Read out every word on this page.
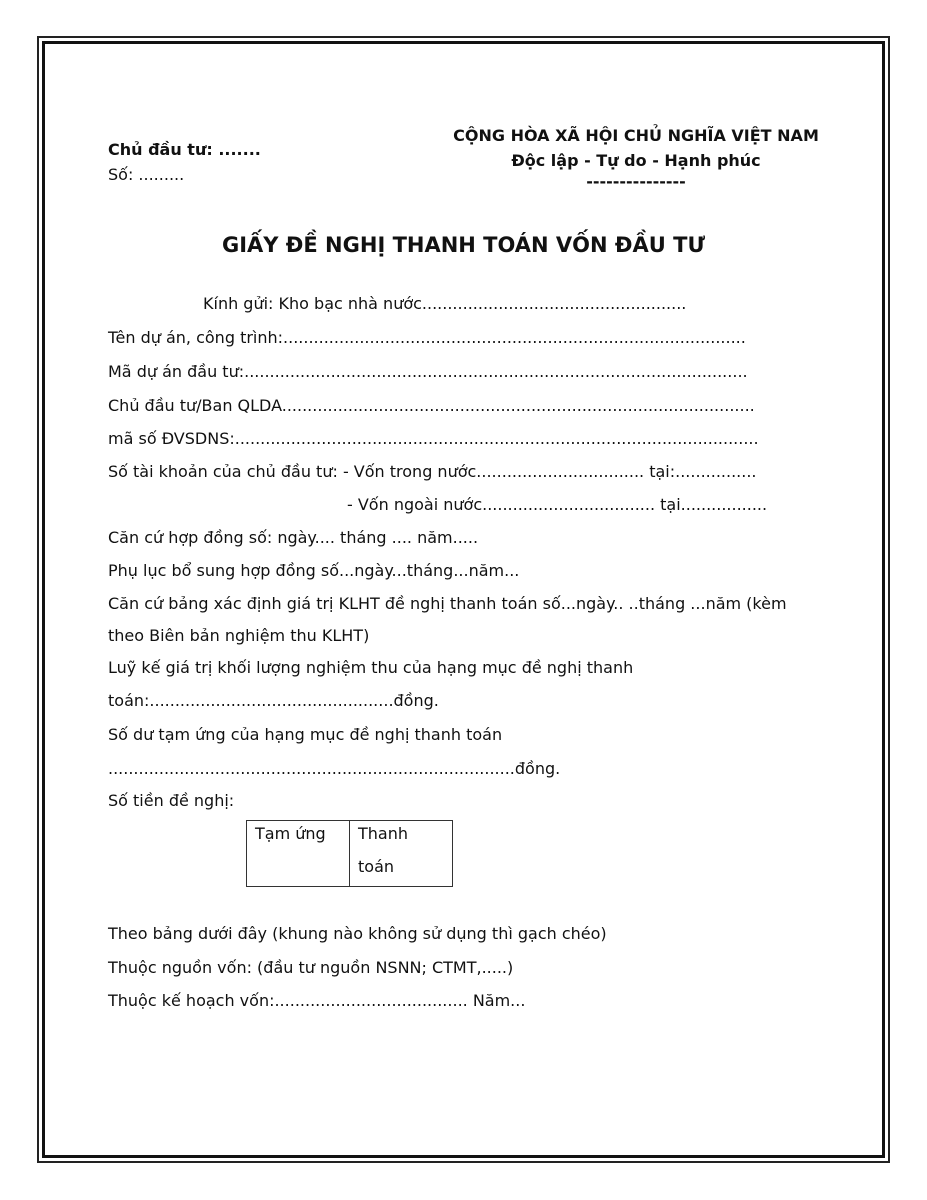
Chủ đầu tư: .......
Số: .........
CỘNG HÒA XÃ HỘI CHỦ NGHĨA VIỆT NAM
Độc lập - Tự do - Hạnh phúc
---------------
GIẤY ĐỀ NGHỊ THANH TOÁN VỐN ĐẦU TƯ
Kính gửi: Kho bạc nhà nước....................................................
Tên dự án, công trình:...........................................................................................
Mã dự án đầu tư:...................................................................................................
Chủ đầu tư/Ban QLDA.............................................................................................
mã số ĐVSDNS:.......................................................................................................
Số tài khoản của chủ đầu tư: - Vốn trong nước................................. tại:................
- Vốn ngoài nước.................................. tại.................
Căn cứ hợp đồng số: ngày.... tháng .... năm.....
Phụ lục bổ sung hợp đồng số...ngày...tháng...năm...
Căn cứ bảng xác định giá trị KLHT đề nghị thanh toán số...ngày.. ..tháng ...năm (kèm
theo Biên bản nghiệm thu KLHT)
Luỹ kế giá trị khối lượng nghiệm thu của hạng mục đề nghị thanh
toán:................................................đồng.
Số dư tạm ứng của hạng mục đề nghị thanh toán
................................................................................đồng.
Số tiền đề nghị:
Tạm ứng Thanh
toán
Theo bảng dưới đây (khung nào không sử dụng thì gạch chéo)
Thuộc nguồn vốn: (đầu tư nguồn NSNN; CTMT,.....)
Thuộc kế hoạch vốn:...................................... Năm...
